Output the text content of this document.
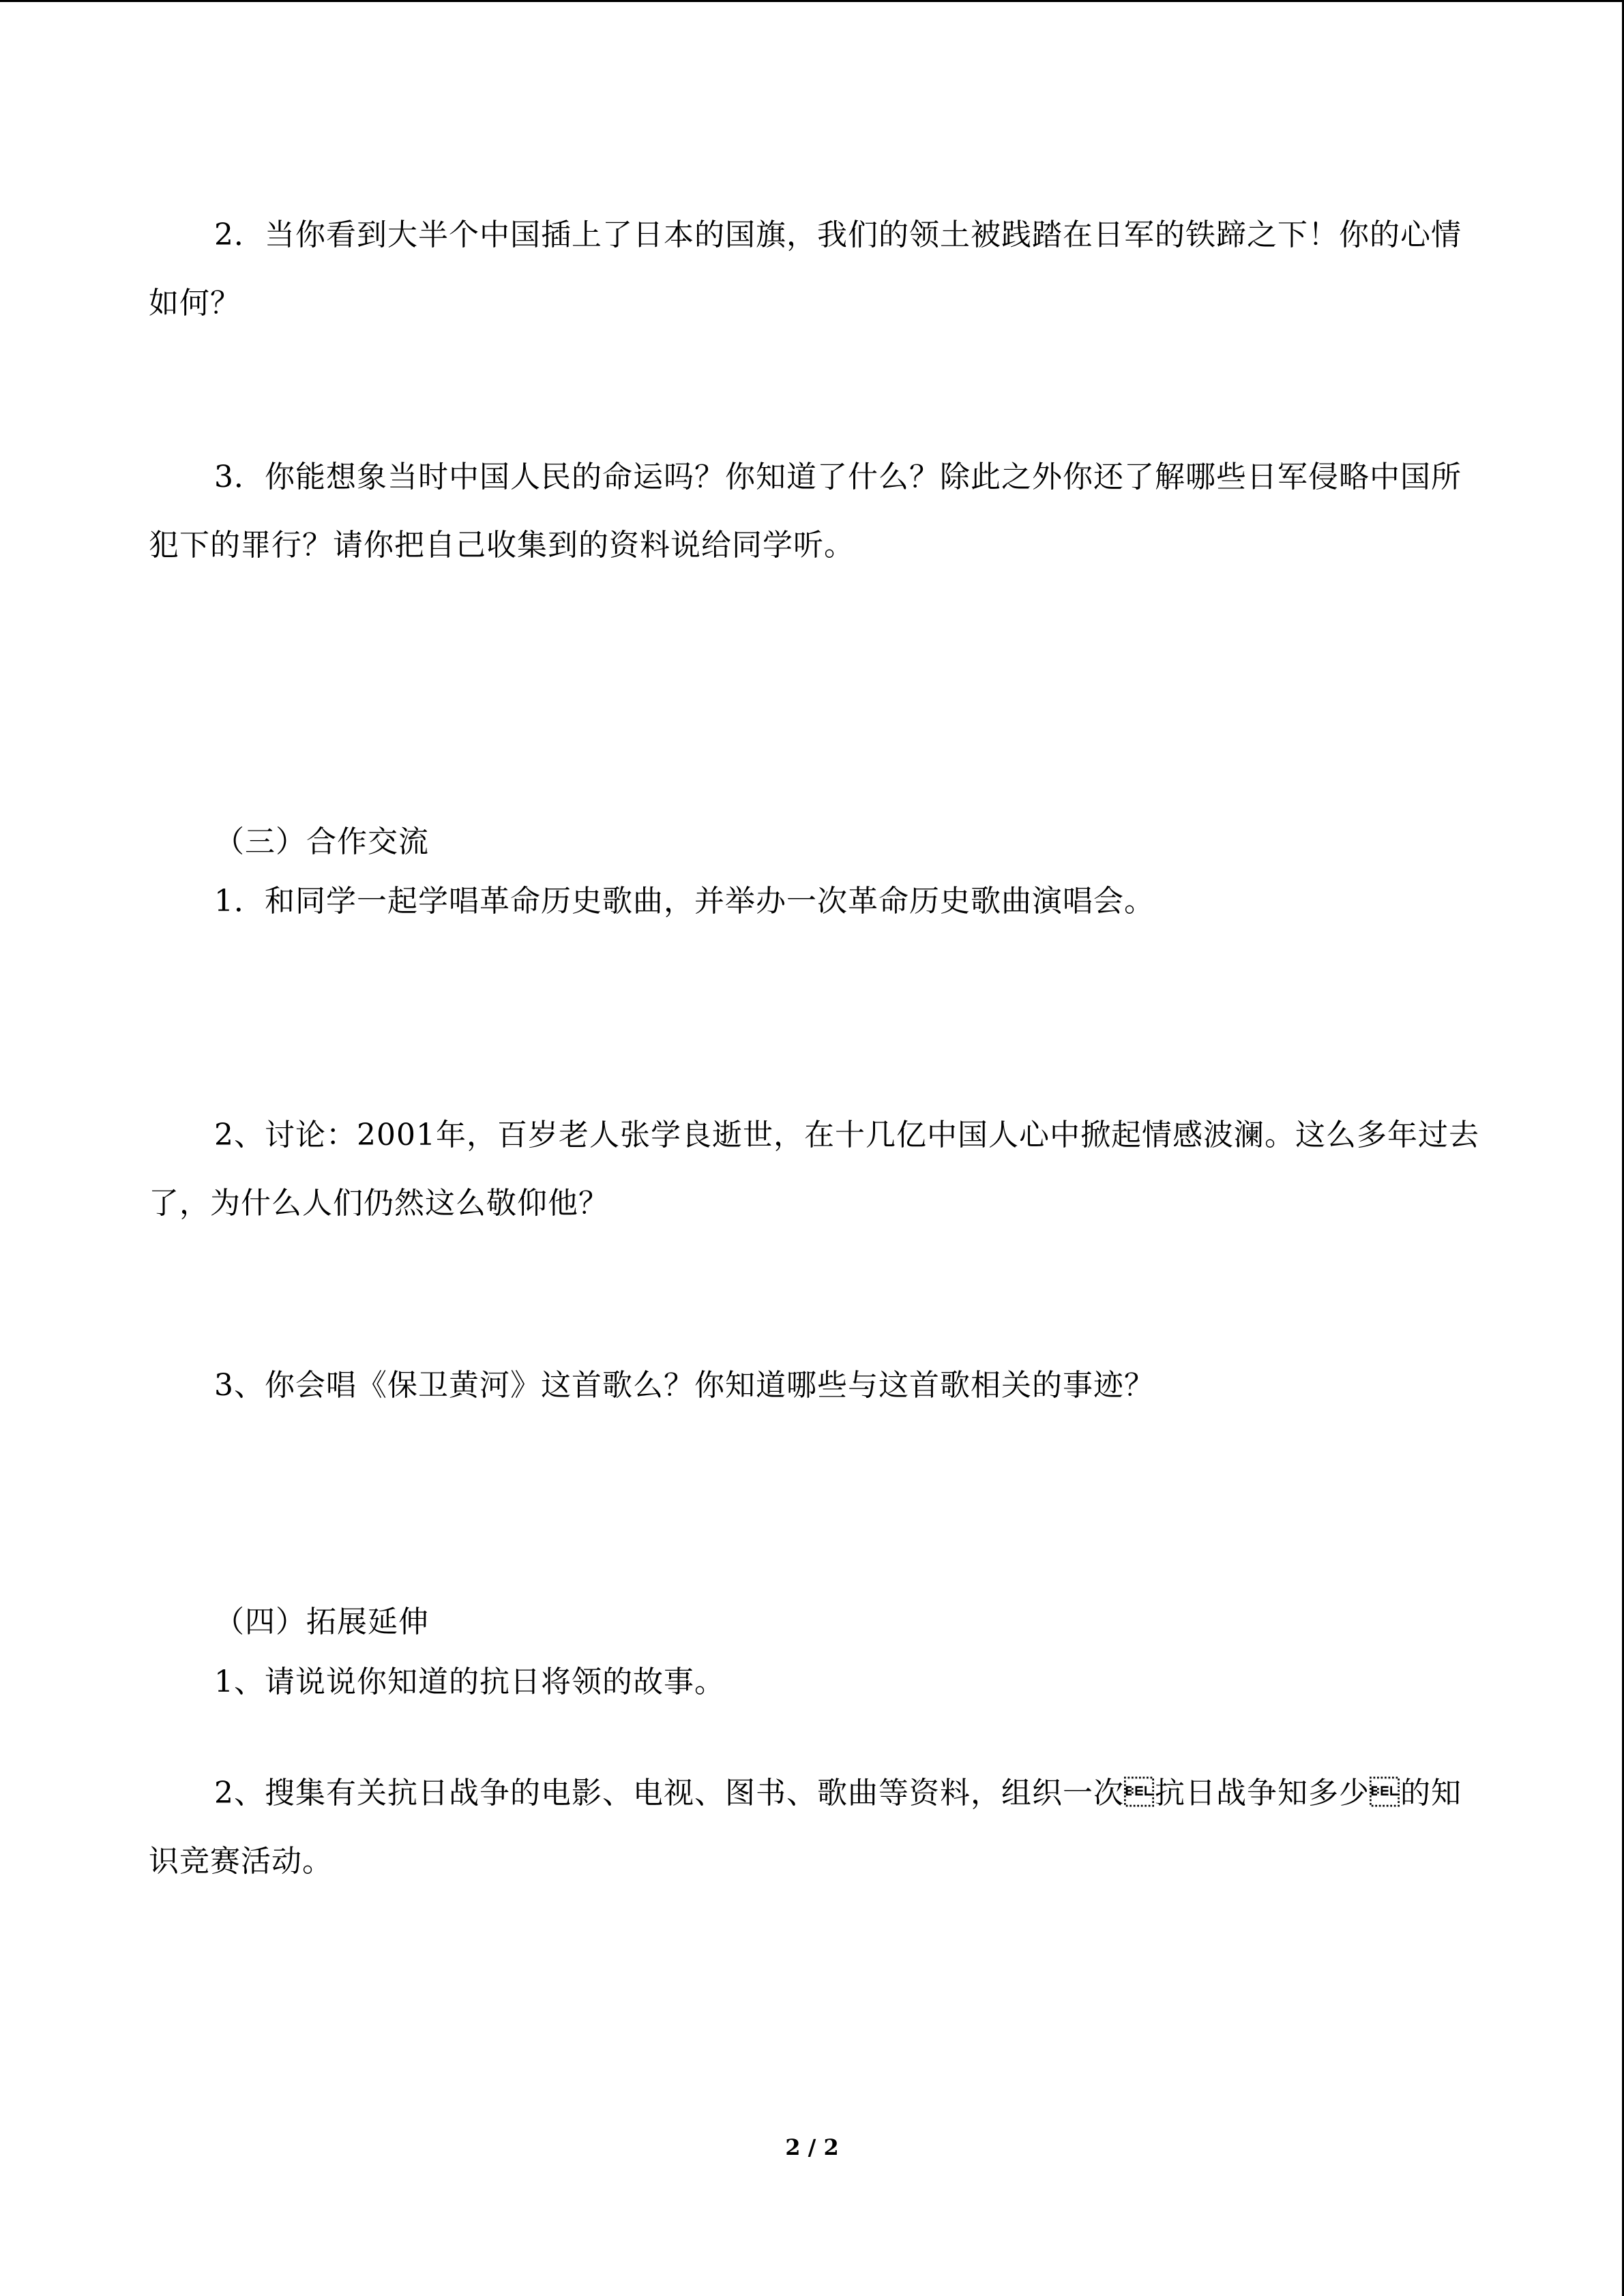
2．当你看到大半个中国插上了日本的国旗，我们的领土被践踏在日军的铁蹄之下！你的心情如何？

3．你能想象当时中国人民的命运吗？你知道了什么？除此之外你还了解哪些日军侵略中国所犯下的罪行？请你把自己收集到的资料说给同学听。

（三）合作交流

1．和同学一起学唱革命历史歌曲，并举办一次革命历史歌曲演唱会。

2、讨论：2001年，百岁老人张学良逝世，在十几亿中国人心中掀起情感波澜。这么多年过去了，为什么人们仍然这么敬仰他？

3、你会唱《保卫黄河》这首歌么？你知道哪些与这首歌相关的事迹？

（四）拓展延伸

1、请说说你知道的抗日将领的故事。

2、搜集有关抗日战争的电影、电视、图书、歌曲等资料，组织一次抗日战争知多少的知识竞赛活动。

2 / 2
